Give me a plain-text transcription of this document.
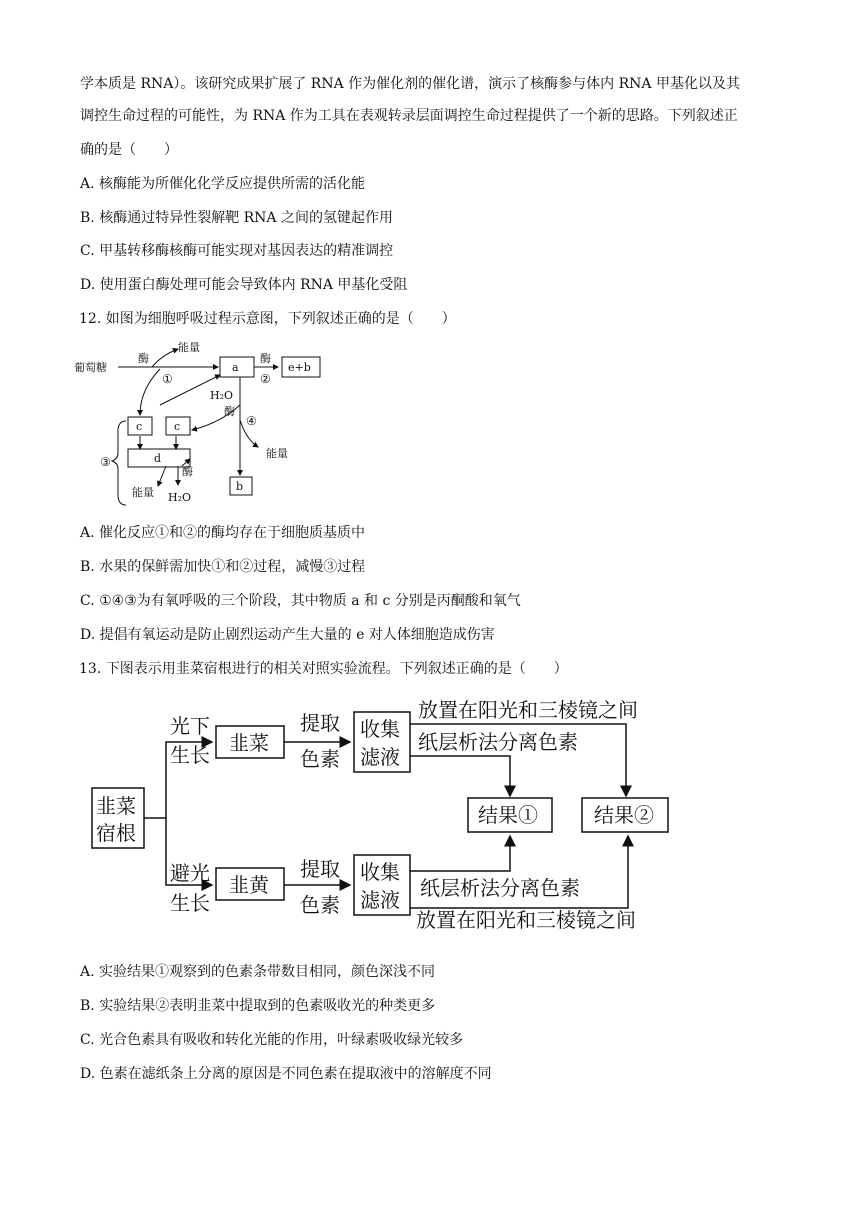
学本质是 RNA）。该研究成果扩展了 RNA 作为催化剂的催化谱，演示了核酶参与体内 RNA 甲基化以及其
调控生命过程的可能性，为 RNA 作为工具在表观转录层面调控生命过程提供了一个新的思路。下列叙述正
确的是（　　）
A. 核酶能为所催化化学反应提供所需的活化能
B. 核酶通过特异性裂解靶 RNA 之间的氢键起作用
C. 甲基转移酶核酶可能实现对基因表达的精准调控
D. 使用蛋白酶处理可能会导致体内 RNA 甲基化受阻
12. 如图为细胞呼吸过程示意图，下列叙述正确的是（　　）
葡萄糖
酶
能量
①
酶
②
a	e+b
H₂O
酶
④
能量
c	c
d
③
酶
能量 H₂O
b
A. 催化反应①和②的酶均存在于细胞质基质中
B. 水果的保鲜需加快①和②过程，减慢③过程
C. ①④③为有氧呼吸的三个阶段，其中物质 a 和 c 分别是丙酮酸和氧气
D. 提倡有氧运动是防止剧烈运动产生大量的 e 对人体细胞造成伤害
13. 下图表示用韭菜宿根进行的相关对照实验流程。下列叙述正确的是（　　）
韭菜
宿根
光下
生长
避光
生长
韭菜
韭黄
提取
色素
提取
色素
收集
滤液
收集
滤液
放置在阳光和三棱镜之间
纸层析法分离色素
纸层析法分离色素
放置在阳光和三棱镜之间
结果①	结果②
A. 实验结果①观察到的色素条带数目相同，颜色深浅不同
B. 实验结果②表明韭菜中提取到的色素吸收光的种类更多
C. 光合色素具有吸收和转化光能的作用，叶绿素吸收绿光较多
D. 色素在滤纸条上分离的原因是不同色素在提取液中的溶解度不同
